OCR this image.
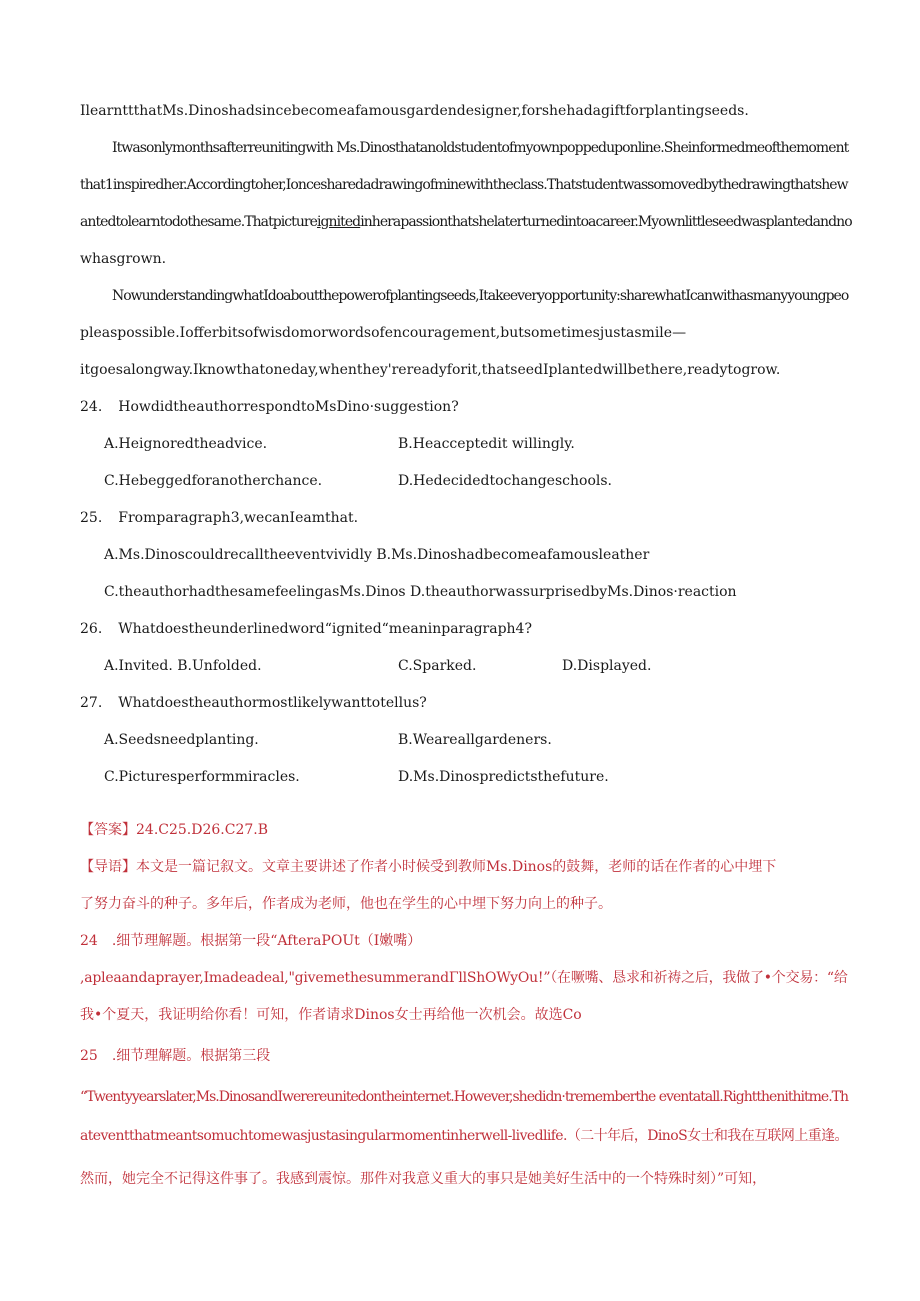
IlearnttthatMs.Dinoshadsincebecomeafamousgardendesigner,forshehadagiftforplantingseeds.
Itwasonlymonthsafterreunitingwith Ms.Dinosthatanoldstudentofmyownpoppeduponline.Sheinformedmeofthemoment
that1inspiredher.Accordingtoher,Ioncesharedadrawingofminewiththeclass.Thatstudentwassomovedbythedrawingthatshew
antedtolearntodothesame.Thatpictureignitedinherapassionthatshelaterturnedintoacareer.Myownlittleseedwasplantedandno
whasgrown.
NowunderstandingwhatIdoaboutthepowerofplantingseeds,Itakeeveryopportunity:sharewhatIcanwithasmanyyoungpeo
pleaspossible.Iofferbitsofwisdomorwordsofencouragement,butsometimesjustasmile—
itgoesalongway.Iknowthatoneday,whenthey'rereadyforit,thatseedIplantedwillbethere,readytogrow.
24. HowdidtheauthorrespondtoMsDino·suggestion?
A.Heignoredtheadvice.	B.Heacceptedit willingly.
C.Hebeggedforanotherchance.	D.Hedecidedtochangeschools.
25. Fromparagraph3,wecanIeamthat.
A.Ms.Dinoscouldrecalltheeventvividly B.Ms.Dinoshadbecomeafamousleather
C.theauthorhadthesamefeelingasMs.Dinos D.theauthorwassurprisedbyMs.Dinos·reaction
26. Whatdoestheunderlinedword“ignited“meaninparagraph4?
A.Invited. B.Unfolded.	C.Sparked.	D.Displayed.
27. Whatdoestheauthormostlikelywanttotellus?
A.Seedsneedplanting.	B.Weareallgardeners.
C.Picturesperformmiracles.	D.Ms.Dinospredictsthefuture.
【答案】24.C25.D26.C27.B
【导语】本文是一篇记叙文。文章主要讲述了作者小时候受到教师Ms.Dinos的鼓舞，老师的话在作者的心中埋下
了努力奋斗的种子。多年后，作者成为老师，他也在学生的心中埋下努力向上的种子。
24　.细节理解题。根据第一段“AfteraPOUt（I嫩嘴）
,apleaandaprayer,Imadeadeal,"givemethesummerandΓllShOWyOu!”（在噘嘴、恳求和祈祷之后，我做了•个交易：“给
我•个夏天，我证明给你看！可知，作者请求Dinos女士再给他一次机会。故选Co
25　.细节理解题。根据第三段
“Twentyyearslater,Ms.DinosandIwerereunitedontheinternet.However,shedidn·trememberthe eventatall.Rightthenithitme.Th
ateventthatmeantsomuchtomewasjustasingularmomentinherwell-livedlife.（二十年后，DinoS女士和我在互联网上重逢。
然而，她完全不记得这件事了。我感到震惊。那件对我意义重大的事只是她美好生活中的一个特殊时刻）”可知，
